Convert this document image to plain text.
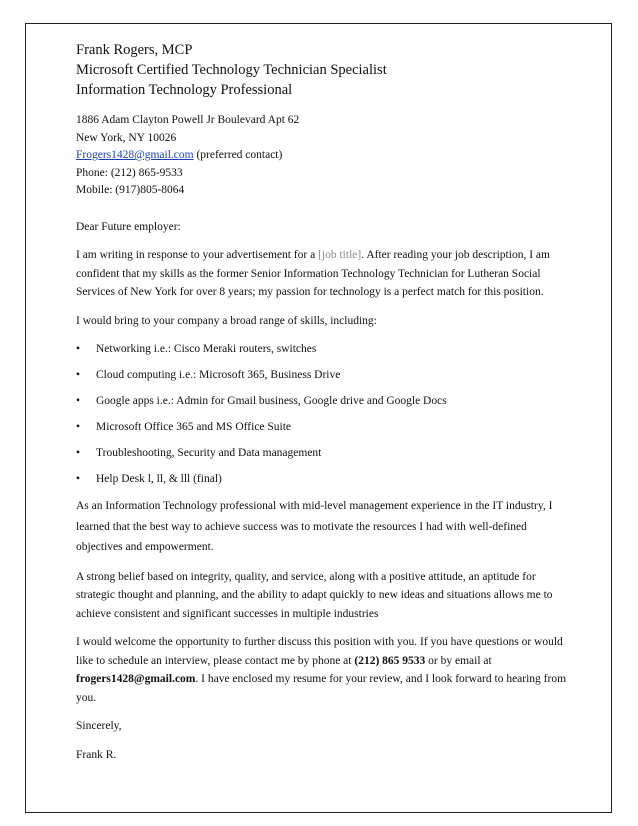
Frank Rogers, MCP

Microsoft Certified Technology Technician Specialist

Information Technology Professional

1886 Adam Clayton Powell Jr Boulevard Apt 62

New York, NY 10026

Frogers1428@gmail.com (preferred contact)

Phone: (212) 865-9533

Mobile: (917)805-8064

Dear Future employer:

I am writing in response to your advertisement for a [job title]. After reading your job description, I am confident that my skills as the former Senior Information Technology Technician for Lutheran Social Services of New York for over 8 years; my passion for technology is a perfect match for this position.

I would bring to your company a broad range of skills, including:

• Networking i.e.: Cisco Meraki routers, switches
• Cloud computing i.e.: Microsoft 365, Business Drive
• Google apps i.e.: Admin for Gmail business, Google drive and Google Docs
• Microsoft Office 365 and MS Office Suite
• Troubleshooting, Security and Data management
• Help Desk l, ll, & lll (final)

As an Information Technology professional with mid-level management experience in the IT industry, I learned that the best way to achieve success was to motivate the resources I had with well-defined objectives and empowerment.

A strong belief based on integrity, quality, and service, along with a positive attitude, an aptitude for strategic thought and planning, and the ability to adapt quickly to new ideas and situations allows me to achieve consistent and significant successes in multiple industries

I would welcome the opportunity to further discuss this position with you. If you have questions or would like to schedule an interview, please contact me by phone at (212) 865 9533 or by email at frogers1428@gmail.com. I have enclosed my resume for your review, and I look forward to hearing from you.

Sincerely,

Frank R.
